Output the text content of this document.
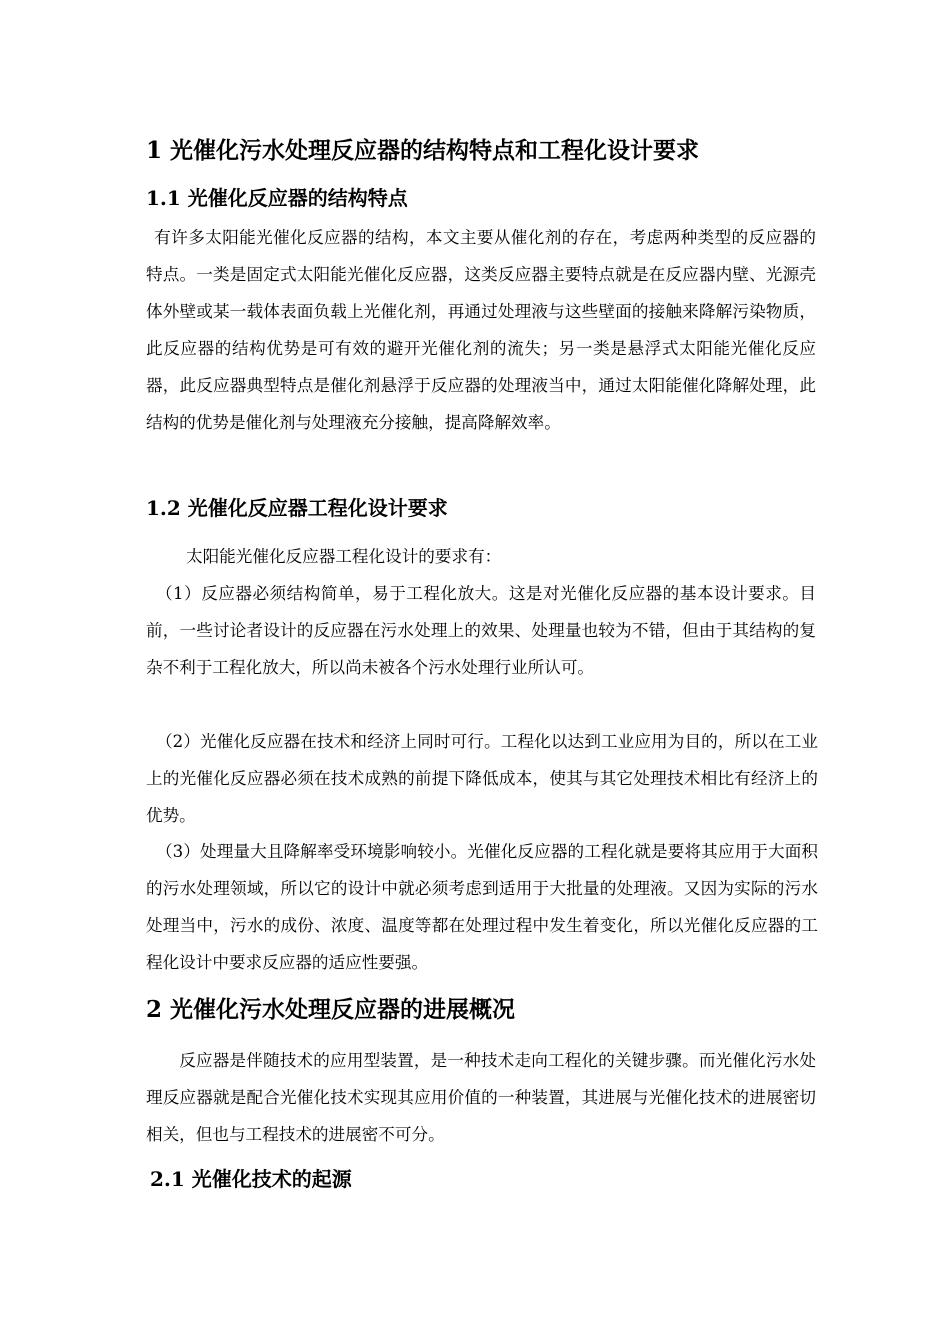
1 光催化污水处理反应器的结构特点和工程化设计要求
1.1 光催化反应器的结构特点

有许多太阳能光催化反应器的结构，本文主要从催化剂的存在，考虑两种类型的反应器的特点。一类是固定式太阳能光催化反应器，这类反应器主要特点就是在反应器内壁、光源壳体外壁或某一载体表面负载上光催化剂，再通过处理液与这些壁面的接触来降解污染物质，此反应器的结构优势是可有效的避开光催化剂的流失；另一类是悬浮式太阳能光催化反应器，此反应器典型特点是催化剂悬浮于反应器的处理液当中，通过太阳能催化降解处理，此结构的优势是催化剂与处理液充分接触，提高降解效率。

1.2 光催化反应器工程化设计要求

太阳能光催化反应器工程化设计的要求有：

（1）反应器必须结构简单，易于工程化放大。这是对光催化反应器的基本设计要求。目前，一些讨论者设计的反应器在污水处理上的效果、处理量也较为不错，但由于其结构的复杂不利于工程化放大，所以尚未被各个污水处理行业所认可。

（2）光催化反应器在技术和经济上同时可行。工程化以达到工业应用为目的，所以在工业上的光催化反应器必须在技术成熟的前提下降低成本，使其与其它处理技术相比有经济上的优势。

（3）处理量大且降解率受环境影响较小。光催化反应器的工程化就是要将其应用于大面积的污水处理领域，所以它的设计中就必须考虑到适用于大批量的处理液。又因为实际的污水处理当中，污水的成份、浓度、温度等都在处理过程中发生着变化，所以光催化反应器的工程化设计中要求反应器的适应性要强。

2 光催化污水处理反应器的进展概况

反应器是伴随技术的应用型装置，是一种技术走向工程化的关键步骤。而光催化污水处理反应器就是配合光催化技术实现其应用价值的一种装置，其进展与光催化技术的进展密切相关，但也与工程技术的进展密不可分。

2.1 光催化技术的起源
